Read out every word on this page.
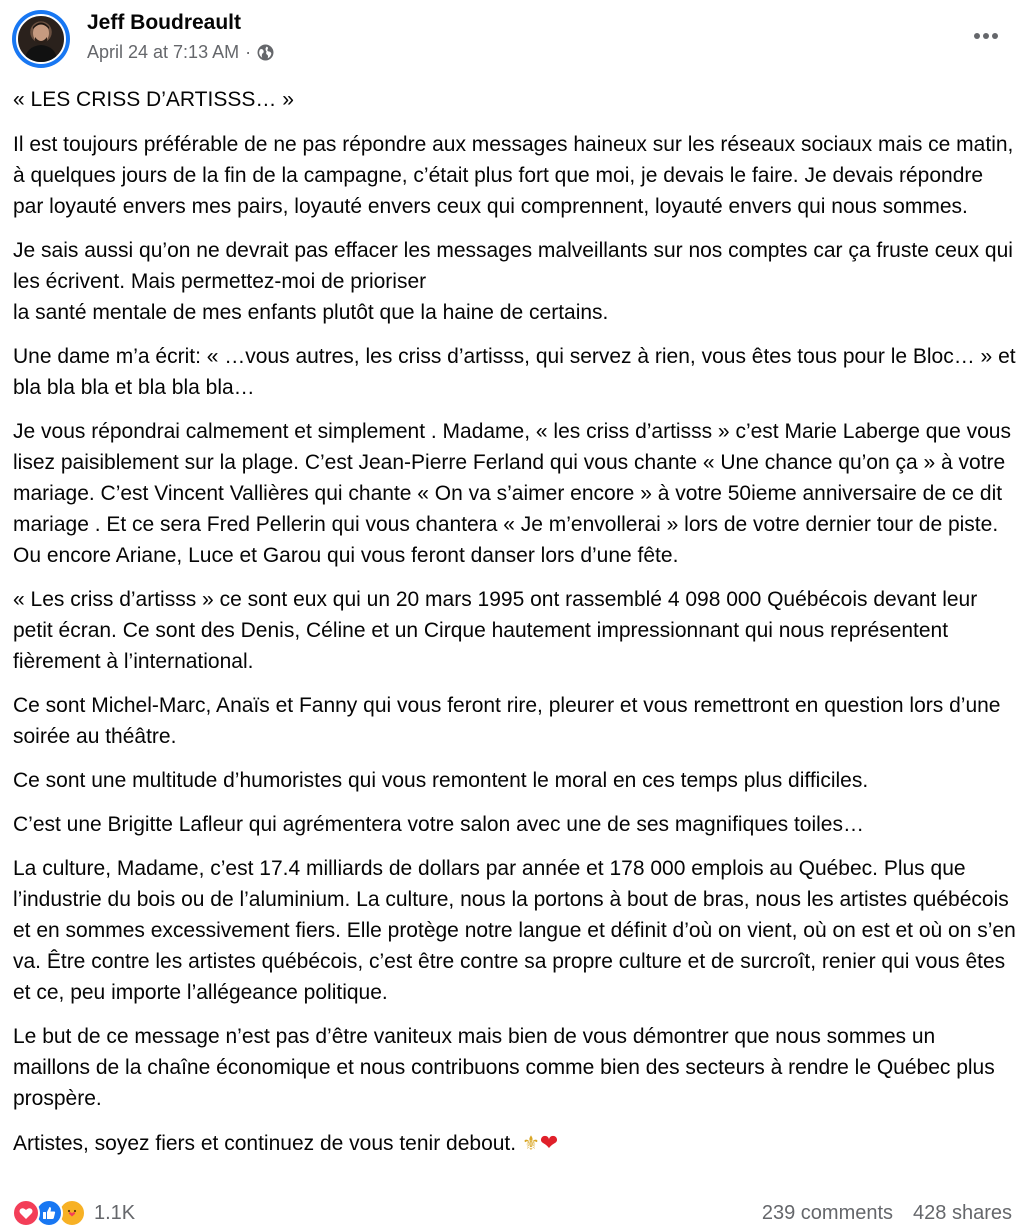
Jeff Boudreault
April 24 at 7:13 AM ·

« LES CRISS D’ARTISSS… »

Il est toujours préférable de ne pas répondre aux messages haineux sur les réseaux sociaux mais ce matin, à quelques jours de la fin de la campagne, c’était plus fort que moi, je devais le faire. Je devais répondre par loyauté envers mes pairs, loyauté envers ceux qui comprennent, loyauté envers qui nous sommes.

Je sais aussi qu’on ne devrait pas effacer les messages malveillants sur nos comptes car ça fruste ceux qui les écrivent. Mais permettez-moi de prioriser
la santé mentale de mes enfants plutôt que la haine de certains.

Une dame m’a écrit: « …vous autres, les criss d’artisss, qui servez à rien, vous êtes tous pour le Bloc… » et bla bla bla et bla bla bla…

Je vous répondrai calmement et simplement . Madame, « les criss d’artisss » c’est Marie Laberge que vous lisez paisiblement sur la plage. C’est Jean-Pierre Ferland qui vous chante « Une chance qu’on ça » à votre mariage. C’est Vincent Vallières qui chante « On va s’aimer encore » à votre 50ieme anniversaire de ce dit mariage . Et ce sera Fred Pellerin qui vous chantera « Je m’envollerai » lors de votre dernier tour de piste. Ou encore Ariane, Luce et Garou qui vous feront danser lors d’une fête.

« Les criss d’artisss » ce sont eux qui un 20 mars 1995 ont rassemblé 4 098 000 Québécois devant leur petit écran. Ce sont des Denis, Céline et un Cirque hautement impressionnant qui nous représentent fièrement à l’international.

Ce sont Michel-Marc, Anaïs et Fanny qui vous feront rire, pleurer et vous remettront en question lors d’une soirée au théâtre.

Ce sont une multitude d’humoristes qui vous remontent le moral en ces temps plus difficiles.

C’est une Brigitte Lafleur qui agrémentera votre salon avec une de ses magnifiques toiles…

La culture, Madame, c’est 17.4 milliards de dollars par année et 178 000 emplois au Québec. Plus que l’industrie du bois ou de l’aluminium. La culture, nous la portons à bout de bras, nous les artistes québécois et en sommes excessivement fiers. Elle protège notre langue et définit d’où on vient, où on est et où on s’en va. Être contre les artistes québécois, c’est être contre sa propre culture et de surcroît, renier qui vous êtes et ce, peu importe l’allégeance politique.

Le but de ce message n’est pas d’être vaniteux mais bien de vous démontrer que nous sommes un maillons de la chaîne économique et nous contribuons comme bien des secteurs à rendre le Québec plus prospère.

Artistes, soyez fiers et continuez de vous tenir debout. ⚜❤

1.1K	239 comments 428 shares
